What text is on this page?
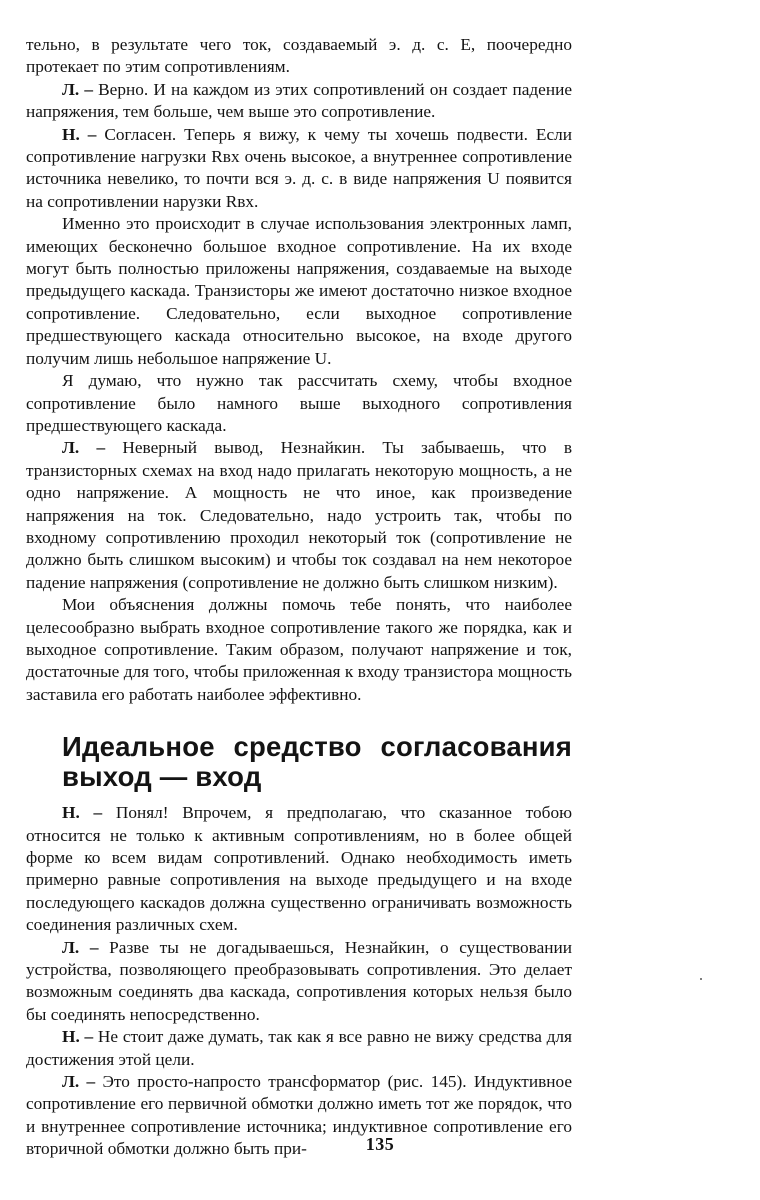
тельно, в результате чего ток, создаваемый э. д. с. E, поочередно протекает по этим сопротивлениям.

Л. – Верно. И на каждом из этих сопротивлений он создает падение напряжения, тем больше, чем выше это сопротивление.

Н. – Согласен. Теперь я вижу, к чему ты хочешь подвести. Если сопротивление нагрузки Rвх очень высокое, а внутреннее сопротивление источника невелико, то почти вся э. д. с. в виде напряжения U появится на сопротивлении нарузки Rвх.

Именно это происходит в случае использования электронных ламп, имеющих бесконечно большое входное сопротивление. На их входе могут быть полностью приложены напряжения, создаваемые на выходе предыдущего каскада. Транзисторы же имеют достаточно низкое входное сопротивление. Следовательно, если выходное сопротивление предшествующего каскада относительно высокое, на входе другого получим лишь небольшое напряжение U.

Я думаю, что нужно так рассчитать схему, чтобы входное сопротивление было намного выше выходного сопротивления предшествующего каскада.

Л. – Неверный вывод, Незнайкин. Ты забываешь, что в транзисторных схемах на вход надо прилагать некоторую мощность, а не одно напряжение. А мощность не что иное, как произведение напряжения на ток. Следовательно, надо устроить так, чтобы по входному сопротивлению проходил некоторый ток (сопротивление не должно быть слишком высоким) и чтобы ток создавал на нем некоторое падение напряжения (сопротивление не должно быть слишком низким).

Мои объяснения должны помочь тебе понять, что наиболее целесообразно выбрать входное сопротивление такого же порядка, как и выходное сопротивление. Таким образом, получают напряжение и ток, достаточные для того, чтобы приложенная к входу транзистора мощность заставила его работать наиболее эффективно.

Идеальное средство согласования выход — вход

Н. – Понял! Впрочем, я предполагаю, что сказанное тобою относится не только к активным сопротивлениям, но в более общей форме ко всем видам сопротивлений. Однако необходимость иметь примерно равные сопротивления на выходе предыдущего и на входе последующего каскадов должна существенно ограничивать возможность соединения различных схем.

Л. – Разве ты не догадываешься, Незнайкин, о существовании устройства, позволяющего преобразовывать сопротивления. Это делает возможным соединять два каскада, сопротивления которых нельзя было бы соединять непосредственно.

Н. – Не стоит даже думать, так как я все равно не вижу средства для достижения этой цели.

Л. – Это просто-напросто трансформатор (рис. 145). Индуктивное сопротивление его первичной обмотки должно иметь тот же порядок, что и внутреннее сопротивление источника; индуктивное сопротивление его вторичной обмотки должно быть при-	135
